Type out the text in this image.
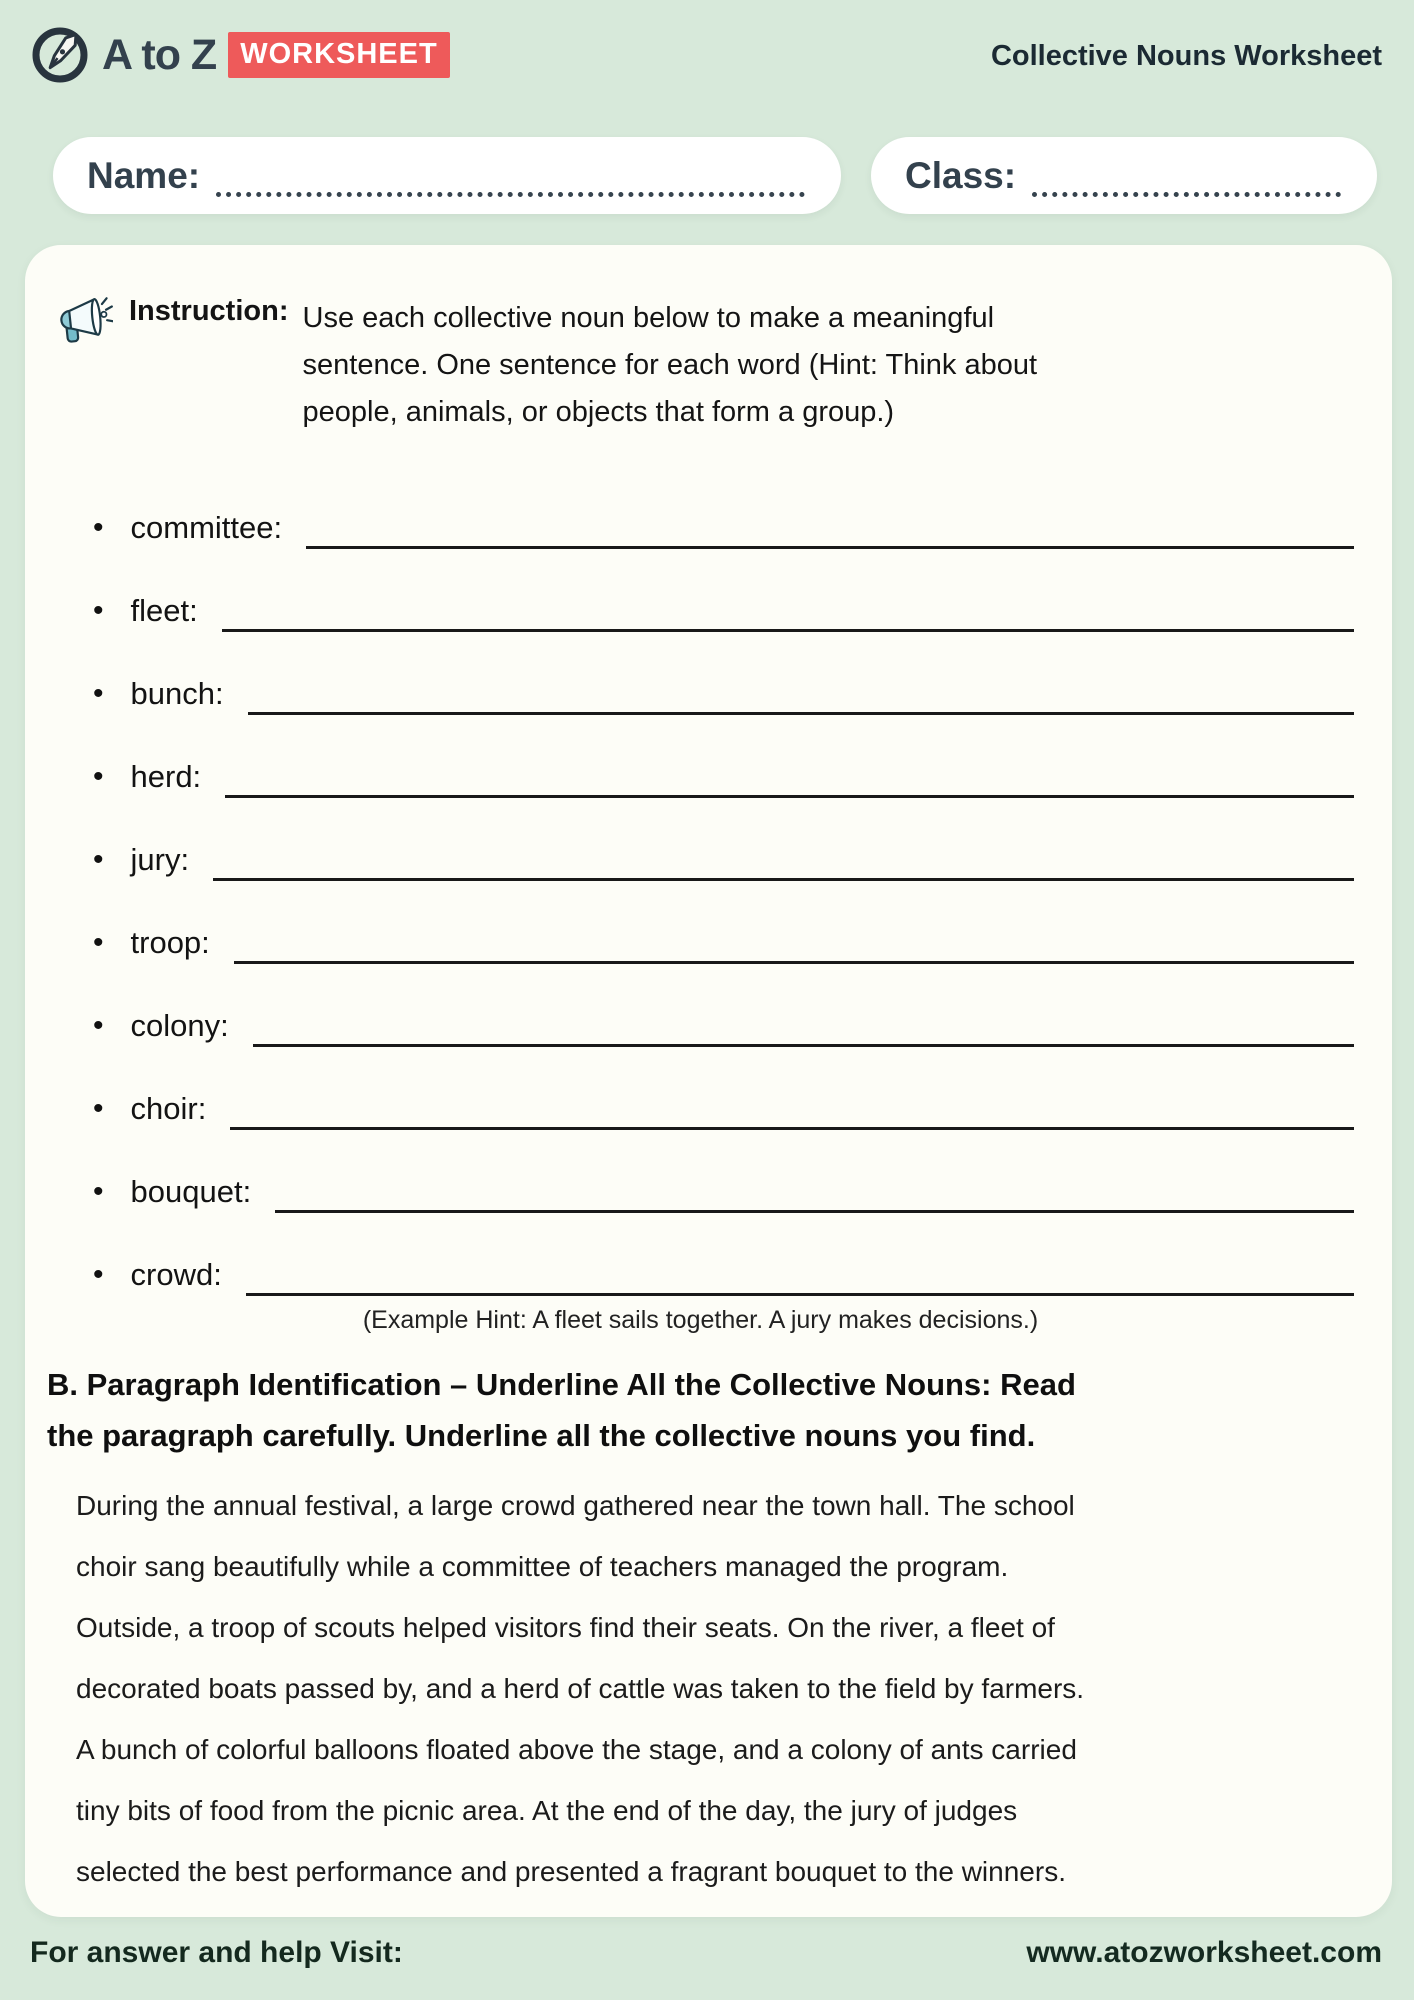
A to Z WORKSHEET	Collective Nouns Worksheet
Name:	Class:
Instruction: Use each collective noun below to make a meaningful
sentence. One sentence for each word (Hint: Think about
people, animals, or objects that form a group.)
• committee:
• fleet:
• bunch:
• herd:
• jury:
• troop:
• colony:
• choir:
• bouquet:
• crowd:
(Example Hint: A fleet sails together. A jury makes decisions.)
B. Paragraph Identification – Underline All the Collective Nouns: Read
the paragraph carefully. Underline all the collective nouns you find.
During the annual festival, a large crowd gathered near the town hall. The school
choir sang beautifully while a committee of teachers managed the program.
Outside, a troop of scouts helped visitors find their seats. On the river, a fleet of
decorated boats passed by, and a herd of cattle was taken to the field by farmers.
A bunch of colorful balloons floated above the stage, and a colony of ants carried
tiny bits of food from the picnic area. At the end of the day, the jury of judges
selected the best performance and presented a fragrant bouquet to the winners.
For answer and help Visit:	www.atozworksheet.com
